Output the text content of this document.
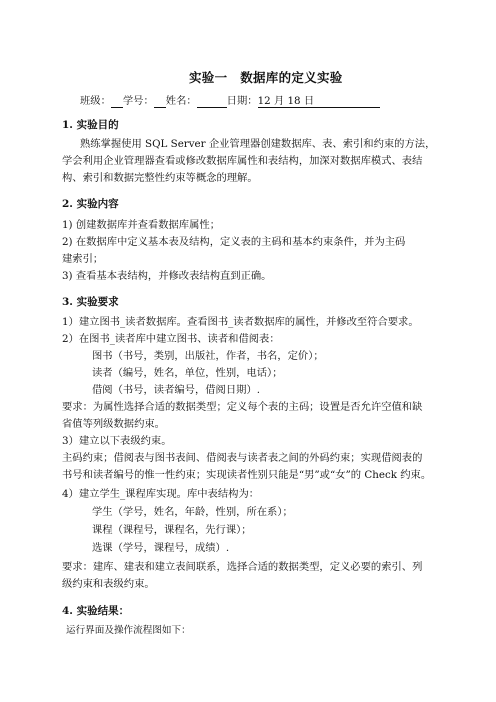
实验一　数据库的定义实验
班级： 学号： 姓名：	日期：12 月 18 日
1. 实验目的
熟练掌握使用 SQL Server 企业管理器创建数据库、表、索引和约束的方法，
学会利用企业管理器查看或修改数据库属性和表结构，加深对数据库模式、表结
构、索引和数据完整性约束等概念的理解。
2. 实验内容
1) 创建数据库并查看数据库属性；
2) 在数据库中定义基本表及结构，定义表的主码和基本约束条件，并为主码
建索引；
3) 查看基本表结构，并修改表结构直到正确。
3. 实验要求
1）建立图书_读者数据库。查看图书_读者数据库的属性，并修改至符合要求。
2）在图书_读者库中建立图书、读者和借阅表：
图书（书号，类别，出版社，作者，书名，定价）；
读者（编号，姓名，单位，性别，电话）；
借阅（书号，读者编号，借阅日期）.
要求：为属性选择合适的数据类型；定义每个表的主码；设置是否允许空值和缺
省值等列级数据约束。
3）建立以下表级约束。
主码约束；借阅表与图书表间、借阅表与读者表之间的外码约束；实现借阅表的
书号和读者编号的惟一性约束；实现读者性别只能是“男”或“女”的 Check 约束。
4）建立学生_课程库实现。库中表结构为：
学生（学号，姓名，年龄，性别，所在系）；
课程（课程号，课程名，先行课）；
选课（学号，课程号，成绩）.
要求：建库、建表和建立表间联系，选择合适的数据类型，定义必要的索引、列
级约束和表级约束。
4. 实验结果：
运行界面及操作流程图如下：
